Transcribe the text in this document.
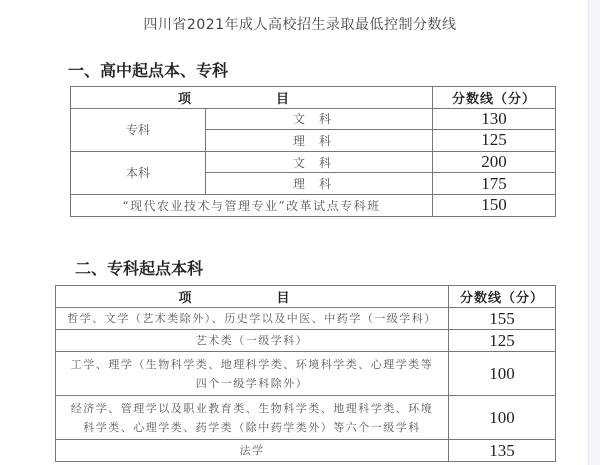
四川省2021年成人高校招生录取最低控制分数线
一、高中起点本、专科
项　目		分数线（分）
专科	文科	130
	理科	125
本科	文科	200
	理科	175
“现代农业技术与管理专业”改革试点专科班		150
二、专科起点本科
项　目	分数线（分）
哲学、文学（艺术类除外）、历史学以及中医、中药学（一级学科）	155
艺术类（一级学科）	125

工学、理学（生物科学类、地理科学类、环境科学类、心理学类等
四个一级学科除外）	100

经济学、管理学以及职业教育类、生物科学类、地理科学类、环境
科学类、心理学类、药学类（除中药学类外）等六个一级学科	100
法学	135
